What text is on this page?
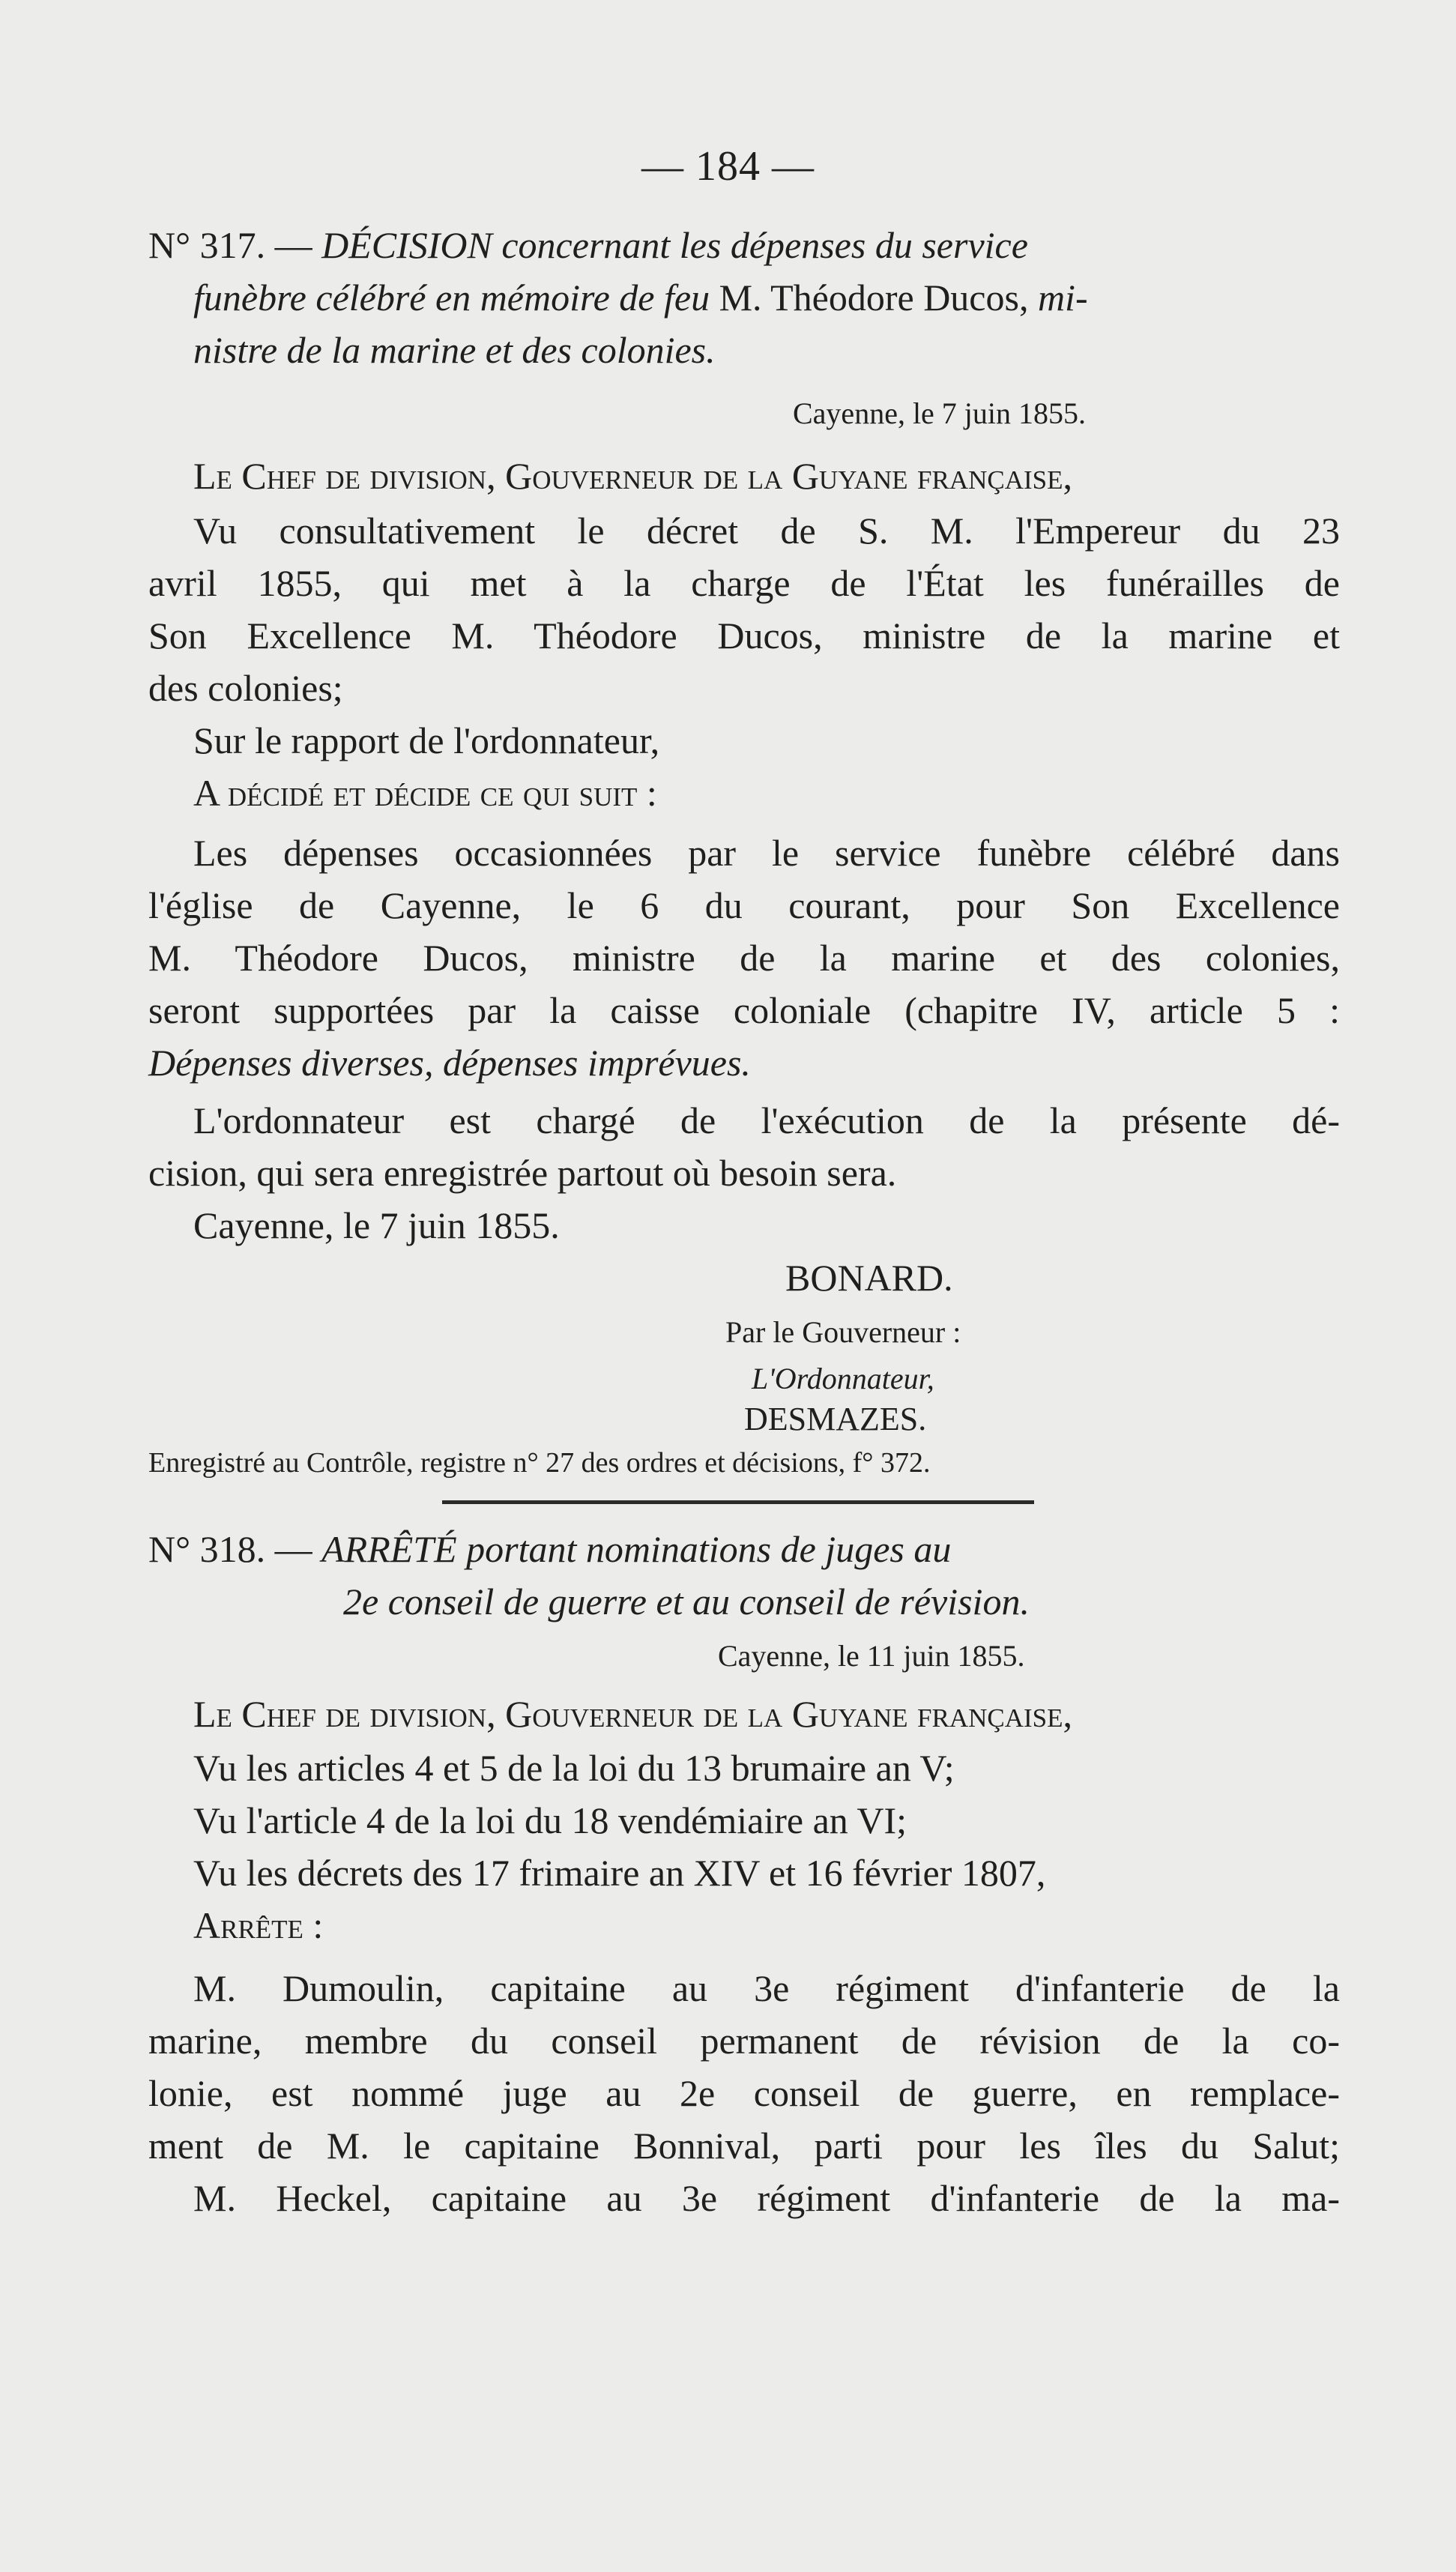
— 184 —
N° 317. — DÉCISION concernant les dépenses du service
funèbre célébré en mémoire de feu M. Théodore Ducos, mi-
nistre de la marine et des colonies.
Cayenne, le 7 juin 1855.
Le Chef de division, Gouverneur de la Guyane française,
Vu consultativement le décret de S. M. l'Empereur du 23
avril 1855, qui met à la charge de l'État les funérailles de
Son Excellence M. Théodore Ducos, ministre de la marine et
des colonies;
Sur le rapport de l'ordonnateur,
A décidé et décide ce qui suit :
Les dépenses occasionnées par le service funèbre célébré dans
l'église de Cayenne, le 6 du courant, pour Son Excellence
M. Théodore Ducos, ministre de la marine et des colonies,
seront supportées par la caisse coloniale (chapitre IV, article 5 :
Dépenses diverses, dépenses imprévues.
L'ordonnateur est chargé de l'exécution de la présente dé-
cision, qui sera enregistrée partout où besoin sera.
Cayenne, le 7 juin 1855.
BONARD.
Par le Gouverneur :
L'Ordonnateur,
DESMAZES.
Enregistré au Contrôle, registre n° 27 des ordres et décisions, f° 372.
N° 318. — ARRÊTÉ portant nominations de juges au
2e conseil de guerre et au conseil de révision.
Cayenne, le 11 juin 1855.
Le Chef de division, Gouverneur de la Guyane française,
Vu les articles 4 et 5 de la loi du 13 brumaire an V;
Vu l'article 4 de la loi du 18 vendémiaire an VI;
Vu les décrets des 17 frimaire an XIV et 16 février 1807,
Arrête :
M. Dumoulin, capitaine au 3e régiment d'infanterie de la
marine, membre du conseil permanent de révision de la co-
lonie, est nommé juge au 2e conseil de guerre, en remplace-
ment de M. le capitaine Bonnival, parti pour les îles du Salut;
M. Heckel, capitaine au 3e régiment d'infanterie de la ma-
